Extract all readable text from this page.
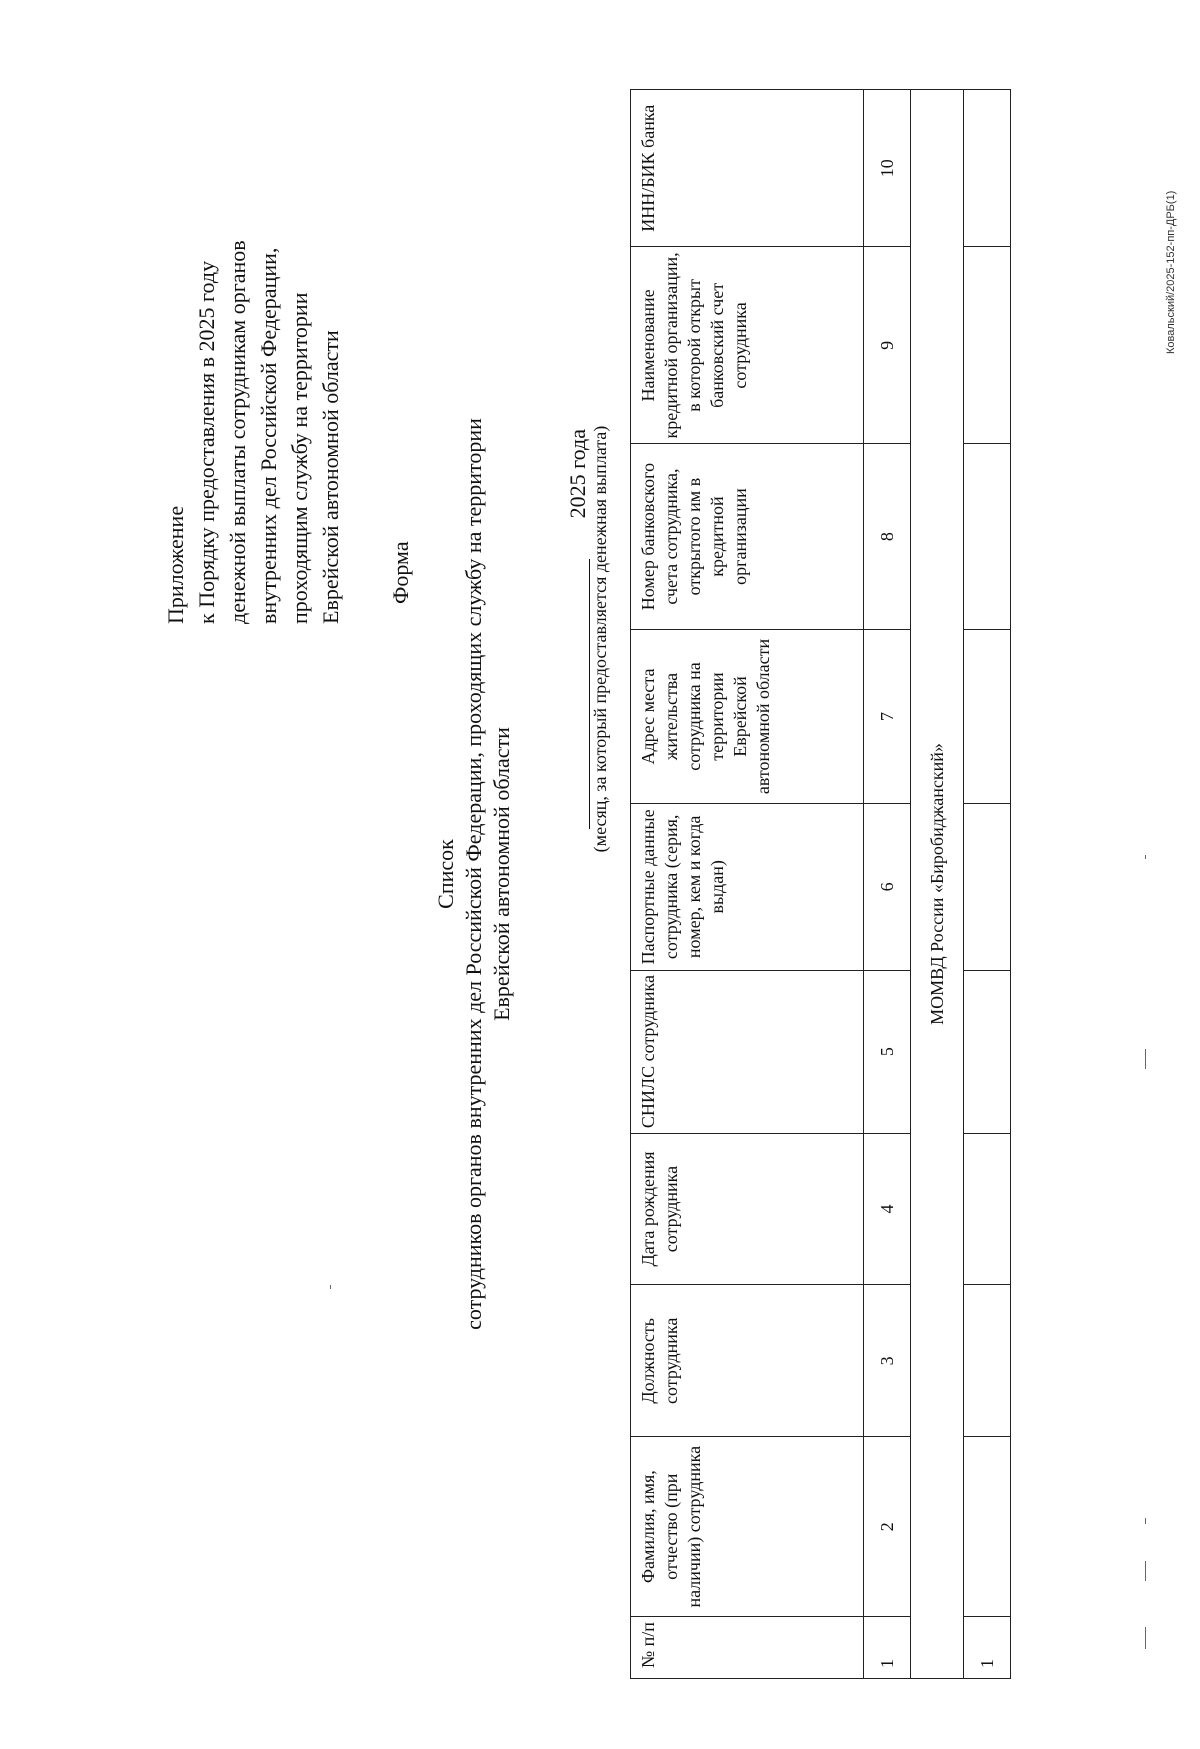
Приложение к Порядку предоставления в 2025 году денежной выплаты сотрудникам органов внутренних дел Российской Федерации, проходящим службу на территории Еврейской автономной области Форма
Список сотрудников органов внутренних дел Российской Федерации, проходящих службу на территории Еврейской автономной области
2025 года (месяц, за который предоставляется денежная выплата)
№ п/п	Фамилия, имя, отчество (при наличии) сотрудника	Должность сотрудника	Дата рождения сотрудника	СНИЛС сотрудника	Паспортные данные сотрудника (серия, номер, кем и когда выдан)	Адрес места жительства сотрудника на территории Еврейской автономной области	Номер банковского счета сотрудника, открытого им в кредитной организации	Наименование кредитной организации, в которой открыт банковский счет сотрудника	ИНН/БИК банка
1	2	3	4	5	6	7	8	9	10
МОМВД России «Биробиджанский»									
1									
Ковальский/2025-152-пп-ДРБ(1)
